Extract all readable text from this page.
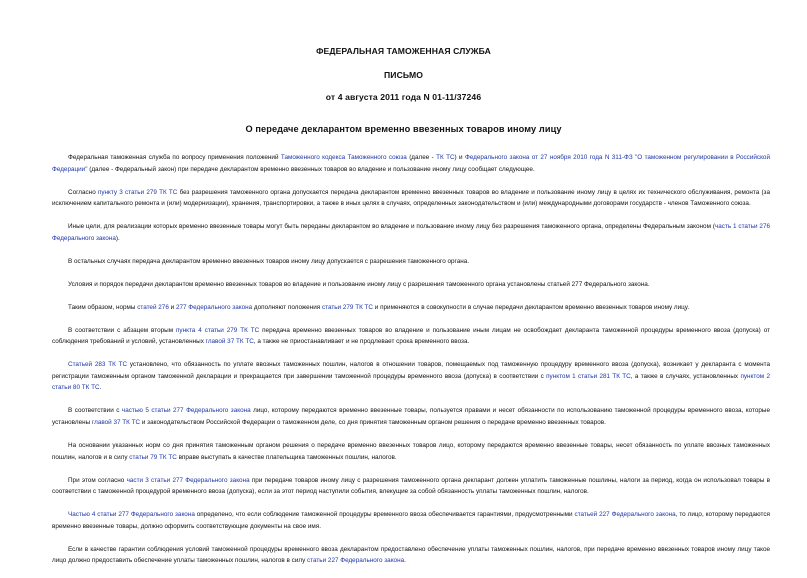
ФЕДЕРАЛЬНАЯ ТАМОЖЕННАЯ СЛУЖБА
ПИСЬМО
от 4 августа 2011 года N 01-11/37246
О передаче декларантом временно ввезенных товаров иному лицу

Федеральная таможенная служба по вопросу применения положений Таможенного кодекса Таможенного союза (далее - ТК ТС) и Федерального закона от 27 ноября 2010 года N 311-ФЗ "О таможенном регулировании в Российской Федерации" (далее - Федеральный закон) при передаче декларантом временно ввезенных товаров во владение и пользование иному лицу сообщает следующее.

Согласно пункту 3 статьи 279 ТК ТС без разрешения таможенного органа допускается передача декларантом временно ввезенных товаров во владение и пользование иному лицу в целях их технического обслуживания, ремонта (за исключением капитального ремонта и (или) модернизации), хранения, транспортировки, а также в иных целях в случаях, определенных законодательством и (или) международными договорами государств - членов Таможенного союза.

Иные цели, для реализации которых временно ввезенные товары могут быть переданы декларантом во владение и пользование иному лицу без разрешения таможенного органа, определены Федеральным законом (часть 1 статьи 276 Федерального закона).

В остальных случаях передача декларантом временно ввезенных товаров иному лицу допускается с разрешения таможенного органа.

Условия и порядок передачи декларантом временно ввезенных товаров во владение и пользование иному лицу с разрешения таможенного органа установлены статьей 277 Федерального закона.

Таким образом, нормы статей 276 и 277 Федерального закона дополняют положения статьи 279 ТК ТС и применяются в совокупности в случае передачи декларантом временно ввезенных товаров иному лицу.

В соответствии с абзацем вторым пункта 4 статьи 279 ТК ТС передача временно ввезенных товаров во владение и пользование иным лицам не освобождает декларанта таможенной процедуры временного ввоза (допуска) от соблюдения требований и условий, установленных главой 37 ТК ТС, а также не приостанавливает и не продлевает срока временного ввоза.

Статьей 283 ТК ТС установлено, что обязанность по уплате ввозных таможенных пошлин, налогов в отношении товаров, помещаемых под таможенную процедуру временного ввоза (допуска), возникает у декларанта с момента регистрации таможенным органом таможенной декларации и прекращается при завершении таможенной процедуры временного ввоза (допуска) в соответствии с пунктом 1 статьи 281 ТК ТС, а также в случаях, установленных пунктом 2 статьи 80 ТК ТС.

В соответствии с частью 5 статьи 277 Федерального закона лицо, которому передаются временно ввезенные товары, пользуется правами и несет обязанности по использованию таможенной процедуры временного ввоза, которые установлены главой 37 ТК ТС и законодательством Российской Федерации о таможенном деле, со дня принятия таможенным органом решения о передаче временно ввезенных товаров.

На основании указанных норм со дня принятия таможенным органом решения о передаче временно ввезенных товаров лицо, которому передаются временно ввезенные товары, несет обязанность по уплате ввозных таможенных пошлин, налогов и в силу статьи 79 ТК ТС вправе выступать в качестве плательщика таможенных пошлин, налогов.

При этом согласно части 3 статьи 277 Федерального закона при передаче товаров иному лицу с разрешения таможенного органа декларант должен уплатить таможенные пошлины, налоги за период, когда он использовал товары в соответствии с таможенной процедурой временного ввоза (допуска), если за этот период наступили события, влекущие за собой обязанность уплаты таможенных пошлин, налогов.

Частью 4 статьи 277 Федерального закона определено, что если соблюдение таможенной процедуры временного ввоза обеспечивается гарантиями, предусмотренными статьей 227 Федерального закона, то лицо, которому передаются временно ввезенные товары, должно оформить соответствующие документы на свое имя.

Если в качестве гарантии соблюдения условий таможенной процедуры временного ввоза декларантом предоставлено обеспечение уплаты таможенных пошлин, налогов, при передаче временно ввезенных товаров иному лицу такое лицо должно предоставить обеспечение уплаты таможенных пошлин, налогов в силу статьи 227 Федерального закона.
